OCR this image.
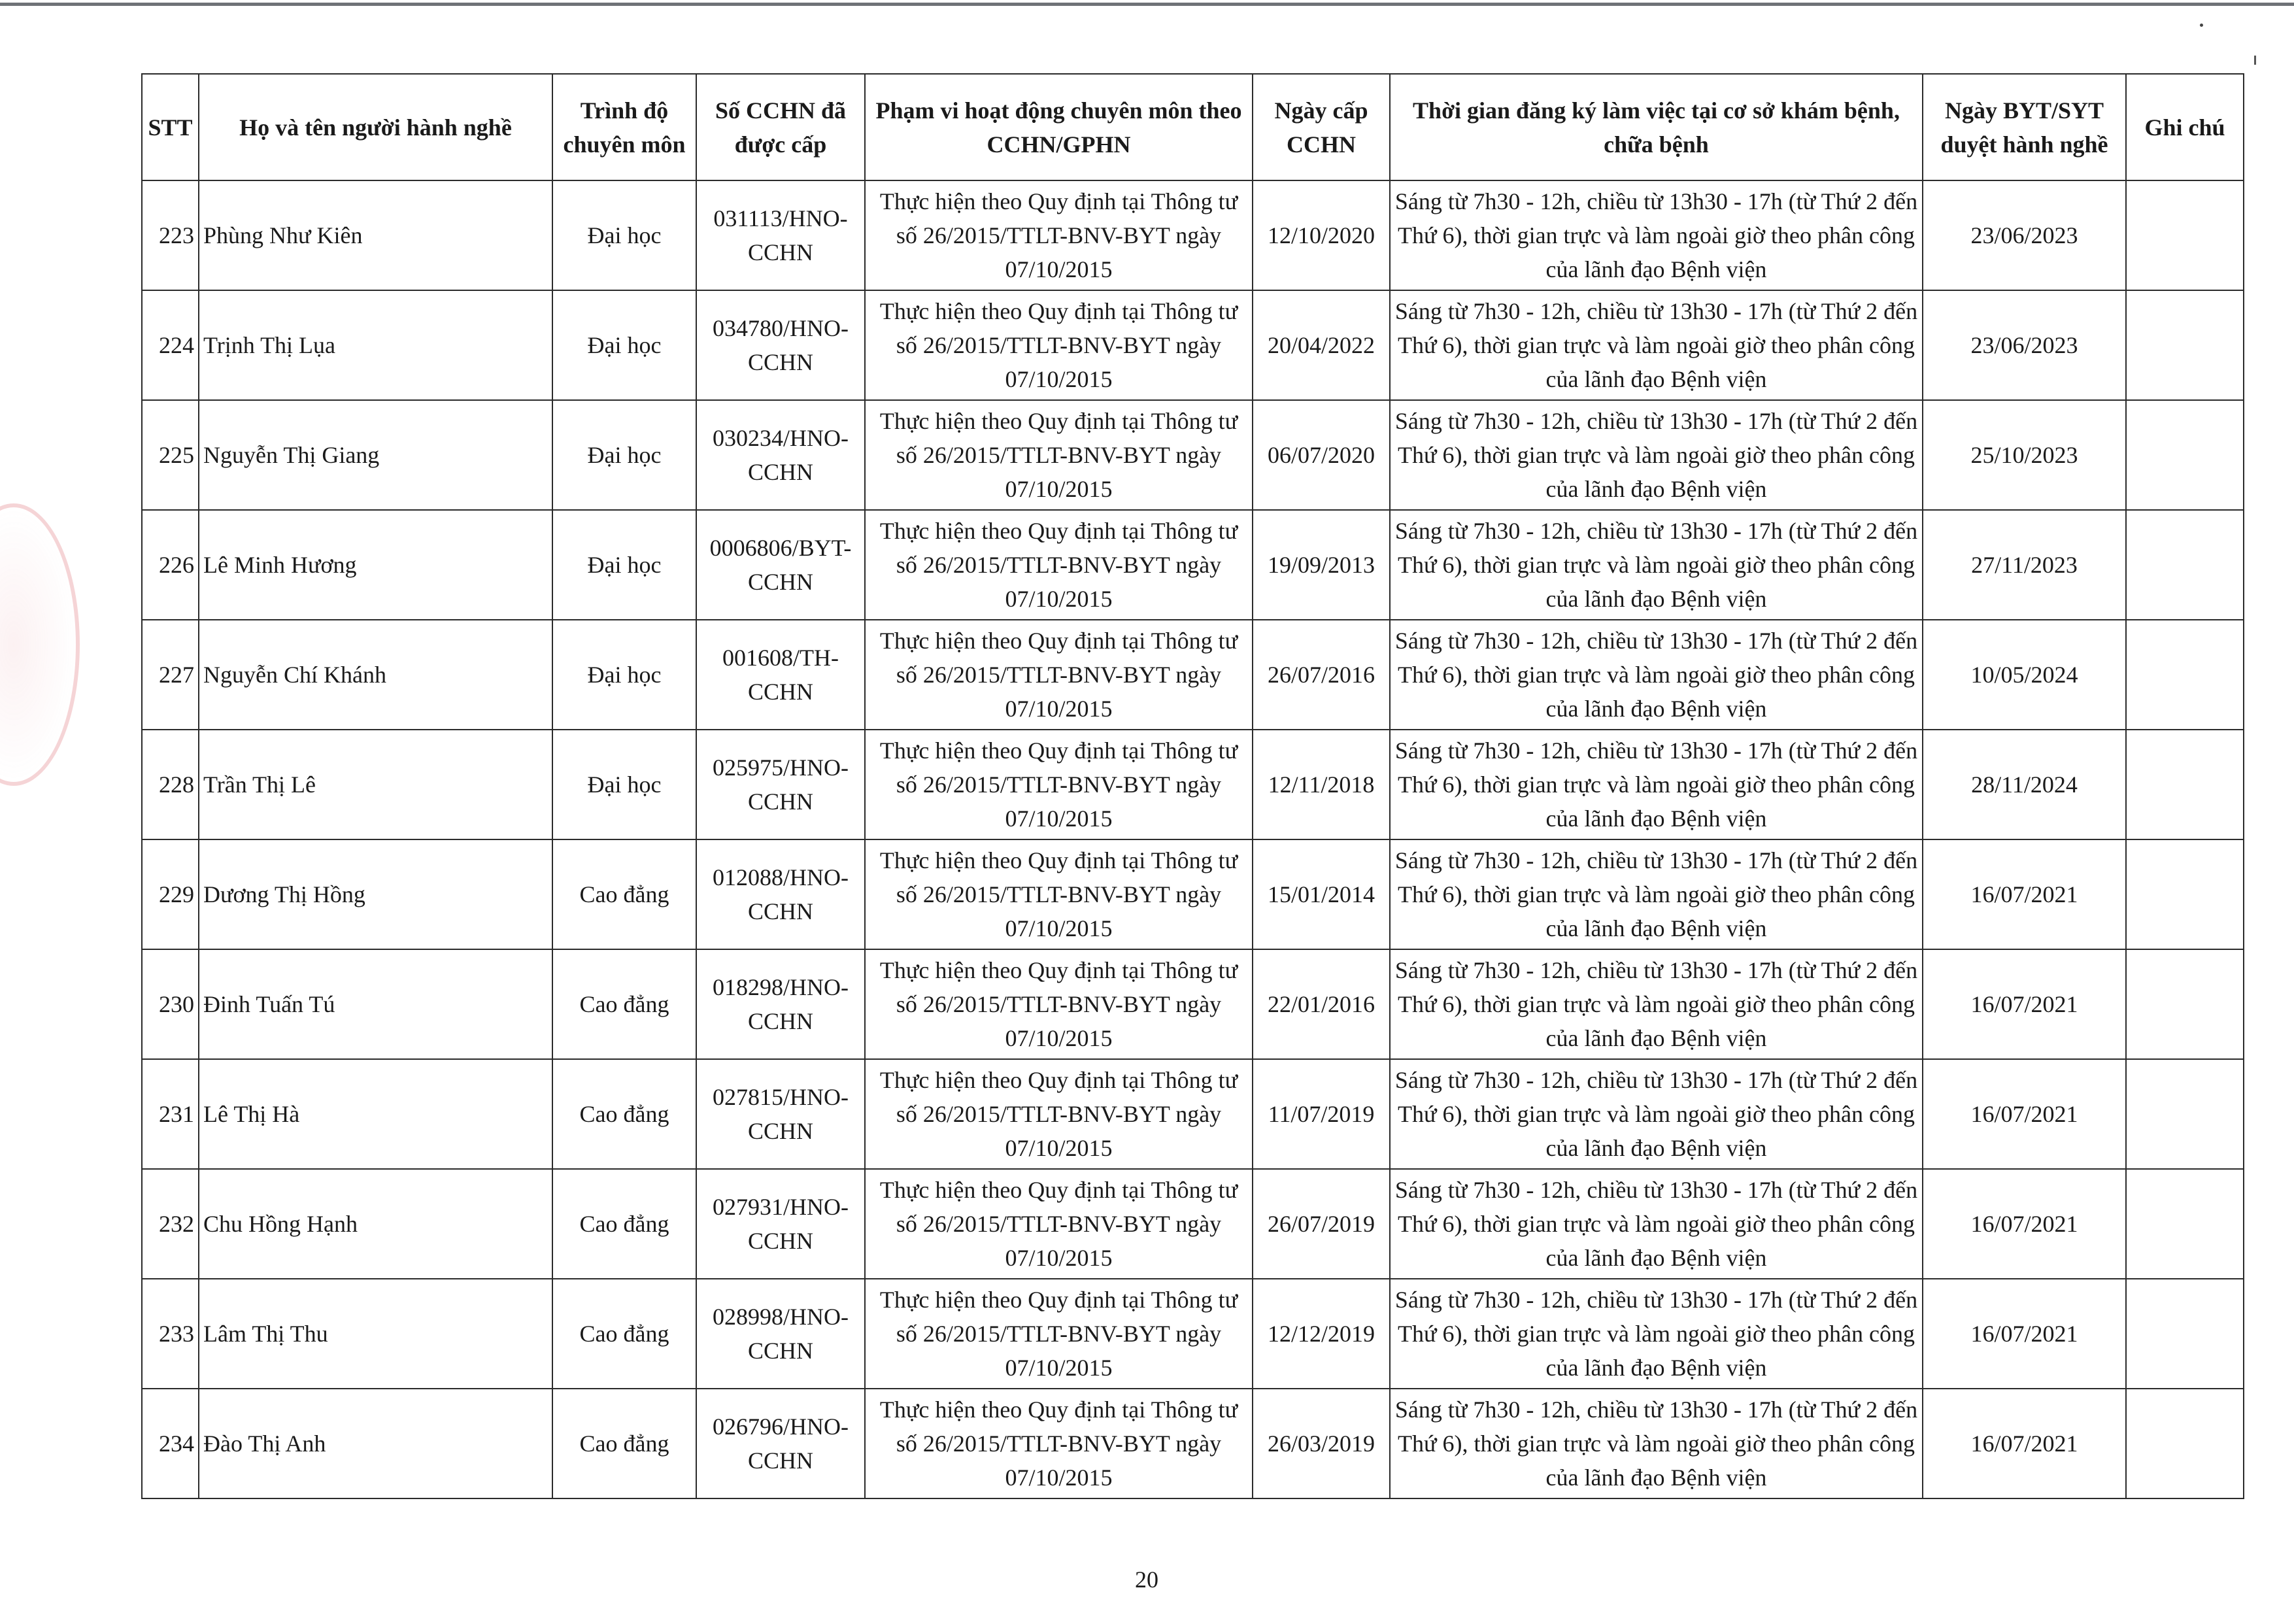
STT	Họ và tên người hành nghề	Trình độ chuyên môn	Số CCHN đã được cấp	Phạm vi hoạt động chuyên môn theo CCHN/GPHN	Ngày cấp CCHN	Thời gian đăng ký làm việc tại cơ sở khám bệnh, chữa bệnh	Ngày BYT/SYT duyệt hành nghề	Ghi chú
223	Phùng Như Kiên	Đại học	031113/HNO-CCHN	Thực hiện theo Quy định tại Thông tư số 26/2015/TTLT-BNV-BYT ngày 07/10/2015	12/10/2020	Sáng từ 7h30 - 12h, chiều từ 13h30 - 17h (từ Thứ 2 đến Thứ 6), thời gian trực và làm ngoài giờ theo phân công của lãnh đạo Bệnh viện	23/06/2023	
224	Trịnh Thị Lụa	Đại học	034780/HNO-CCHN	Thực hiện theo Quy định tại Thông tư số 26/2015/TTLT-BNV-BYT ngày 07/10/2015	20/04/2022	Sáng từ 7h30 - 12h, chiều từ 13h30 - 17h (từ Thứ 2 đến Thứ 6), thời gian trực và làm ngoài giờ theo phân công của lãnh đạo Bệnh viện	23/06/2023	
225	Nguyễn Thị Giang	Đại học	030234/HNO-CCHN	Thực hiện theo Quy định tại Thông tư số 26/2015/TTLT-BNV-BYT ngày 07/10/2015	06/07/2020	Sáng từ 7h30 - 12h, chiều từ 13h30 - 17h (từ Thứ 2 đến Thứ 6), thời gian trực và làm ngoài giờ theo phân công của lãnh đạo Bệnh viện	25/10/2023	
226	Lê Minh Hương	Đại học	0006806/BYT-CCHN	Thực hiện theo Quy định tại Thông tư số 26/2015/TTLT-BNV-BYT ngày 07/10/2015	19/09/2013	Sáng từ 7h30 - 12h, chiều từ 13h30 - 17h (từ Thứ 2 đến Thứ 6), thời gian trực và làm ngoài giờ theo phân công của lãnh đạo Bệnh viện	27/11/2023	
227	Nguyễn Chí Khánh	Đại học	001608/TH-CCHN	Thực hiện theo Quy định tại Thông tư số 26/2015/TTLT-BNV-BYT ngày 07/10/2015	26/07/2016	Sáng từ 7h30 - 12h, chiều từ 13h30 - 17h (từ Thứ 2 đến Thứ 6), thời gian trực và làm ngoài giờ theo phân công của lãnh đạo Bệnh viện	10/05/2024	
228	Trần Thị Lê	Đại học	025975/HNO-CCHN	Thực hiện theo Quy định tại Thông tư số 26/2015/TTLT-BNV-BYT ngày 07/10/2015	12/11/2018	Sáng từ 7h30 - 12h, chiều từ 13h30 - 17h (từ Thứ 2 đến Thứ 6), thời gian trực và làm ngoài giờ theo phân công của lãnh đạo Bệnh viện	28/11/2024	
229	Dương Thị Hồng	Cao đẳng	012088/HNO-CCHN	Thực hiện theo Quy định tại Thông tư số 26/2015/TTLT-BNV-BYT ngày 07/10/2015	15/01/2014	Sáng từ 7h30 - 12h, chiều từ 13h30 - 17h (từ Thứ 2 đến Thứ 6), thời gian trực và làm ngoài giờ theo phân công của lãnh đạo Bệnh viện	16/07/2021	
230	Đinh Tuấn Tú	Cao đẳng	018298/HNO-CCHN	Thực hiện theo Quy định tại Thông tư số 26/2015/TTLT-BNV-BYT ngày 07/10/2015	22/01/2016	Sáng từ 7h30 - 12h, chiều từ 13h30 - 17h (từ Thứ 2 đến Thứ 6), thời gian trực và làm ngoài giờ theo phân công của lãnh đạo Bệnh viện	16/07/2021	
231	Lê Thị Hà	Cao đẳng	027815/HNO-CCHN	Thực hiện theo Quy định tại Thông tư số 26/2015/TTLT-BNV-BYT ngày 07/10/2015	11/07/2019	Sáng từ 7h30 - 12h, chiều từ 13h30 - 17h (từ Thứ 2 đến Thứ 6), thời gian trực và làm ngoài giờ theo phân công của lãnh đạo Bệnh viện	16/07/2021	
232	Chu Hồng Hạnh	Cao đẳng	027931/HNO-CCHN	Thực hiện theo Quy định tại Thông tư số 26/2015/TTLT-BNV-BYT ngày 07/10/2015	26/07/2019	Sáng từ 7h30 - 12h, chiều từ 13h30 - 17h (từ Thứ 2 đến Thứ 6), thời gian trực và làm ngoài giờ theo phân công của lãnh đạo Bệnh viện	16/07/2021	
233	Lâm Thị Thu	Cao đẳng	028998/HNO-CCHN	Thực hiện theo Quy định tại Thông tư số 26/2015/TTLT-BNV-BYT ngày 07/10/2015	12/12/2019	Sáng từ 7h30 - 12h, chiều từ 13h30 - 17h (từ Thứ 2 đến Thứ 6), thời gian trực và làm ngoài giờ theo phân công của lãnh đạo Bệnh viện	16/07/2021	
234	Đào Thị Anh	Cao đẳng	026796/HNO-CCHN	Thực hiện theo Quy định tại Thông tư số 26/2015/TTLT-BNV-BYT ngày 07/10/2015	26/03/2019	Sáng từ 7h30 - 12h, chiều từ 13h30 - 17h (từ Thứ 2 đến Thứ 6), thời gian trực và làm ngoài giờ theo phân công của lãnh đạo Bệnh viện	16/07/2021	
20
